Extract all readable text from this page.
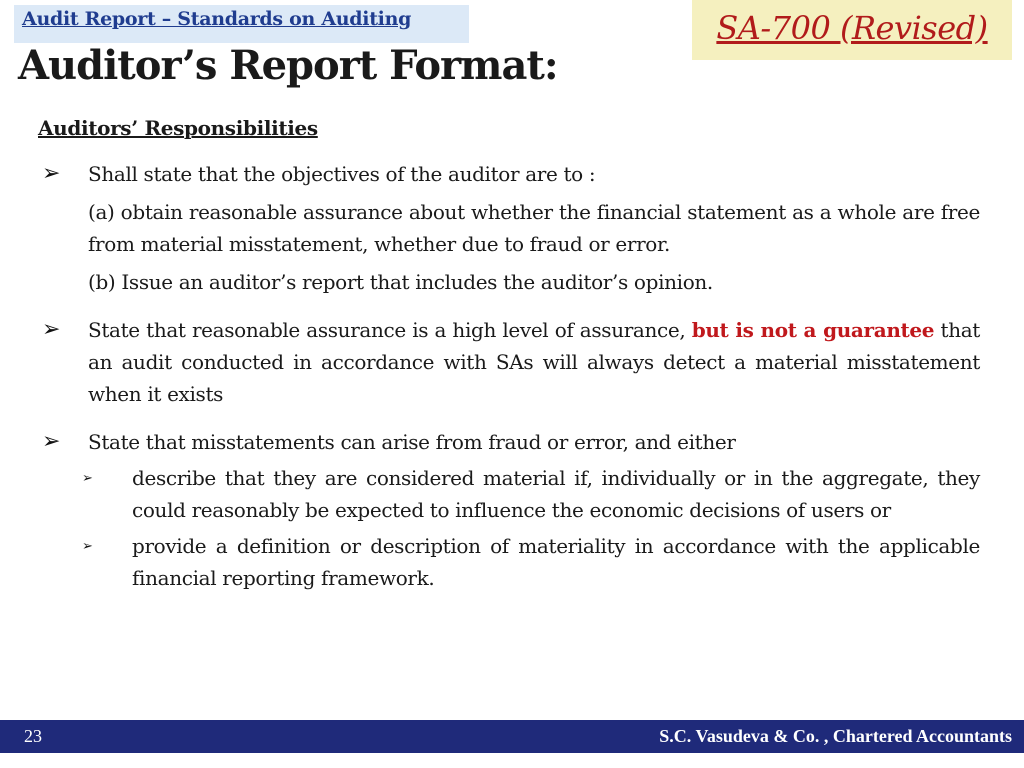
Audit Report – Standards on Auditing	SA-700 (Revised)
Auditor’s Report Format:
Auditors’ Responsibilities
➢ Shall state that the objectives of the auditor are to :
(a) obtain reasonable assurance about whether the financial statement as a whole are free from material misstatement, whether due to fraud or error.
(b) Issue an auditor’s report that includes the auditor’s opinion.
➢ State that reasonable assurance is a high level of assurance, but is not a guarantee that an audit conducted in accordance with SAs will always detect a material misstatement when it exists
➢ State that misstatements can arise from fraud or error, and either
➢ describe that they are considered material if, individually or in the aggregate, they could reasonably be expected to influence the economic decisions of users or
➢ provide a definition or description of materiality in accordance with the applicable financial reporting framework.
23	S.C. Vasudeva & Co. , Chartered Accountants
